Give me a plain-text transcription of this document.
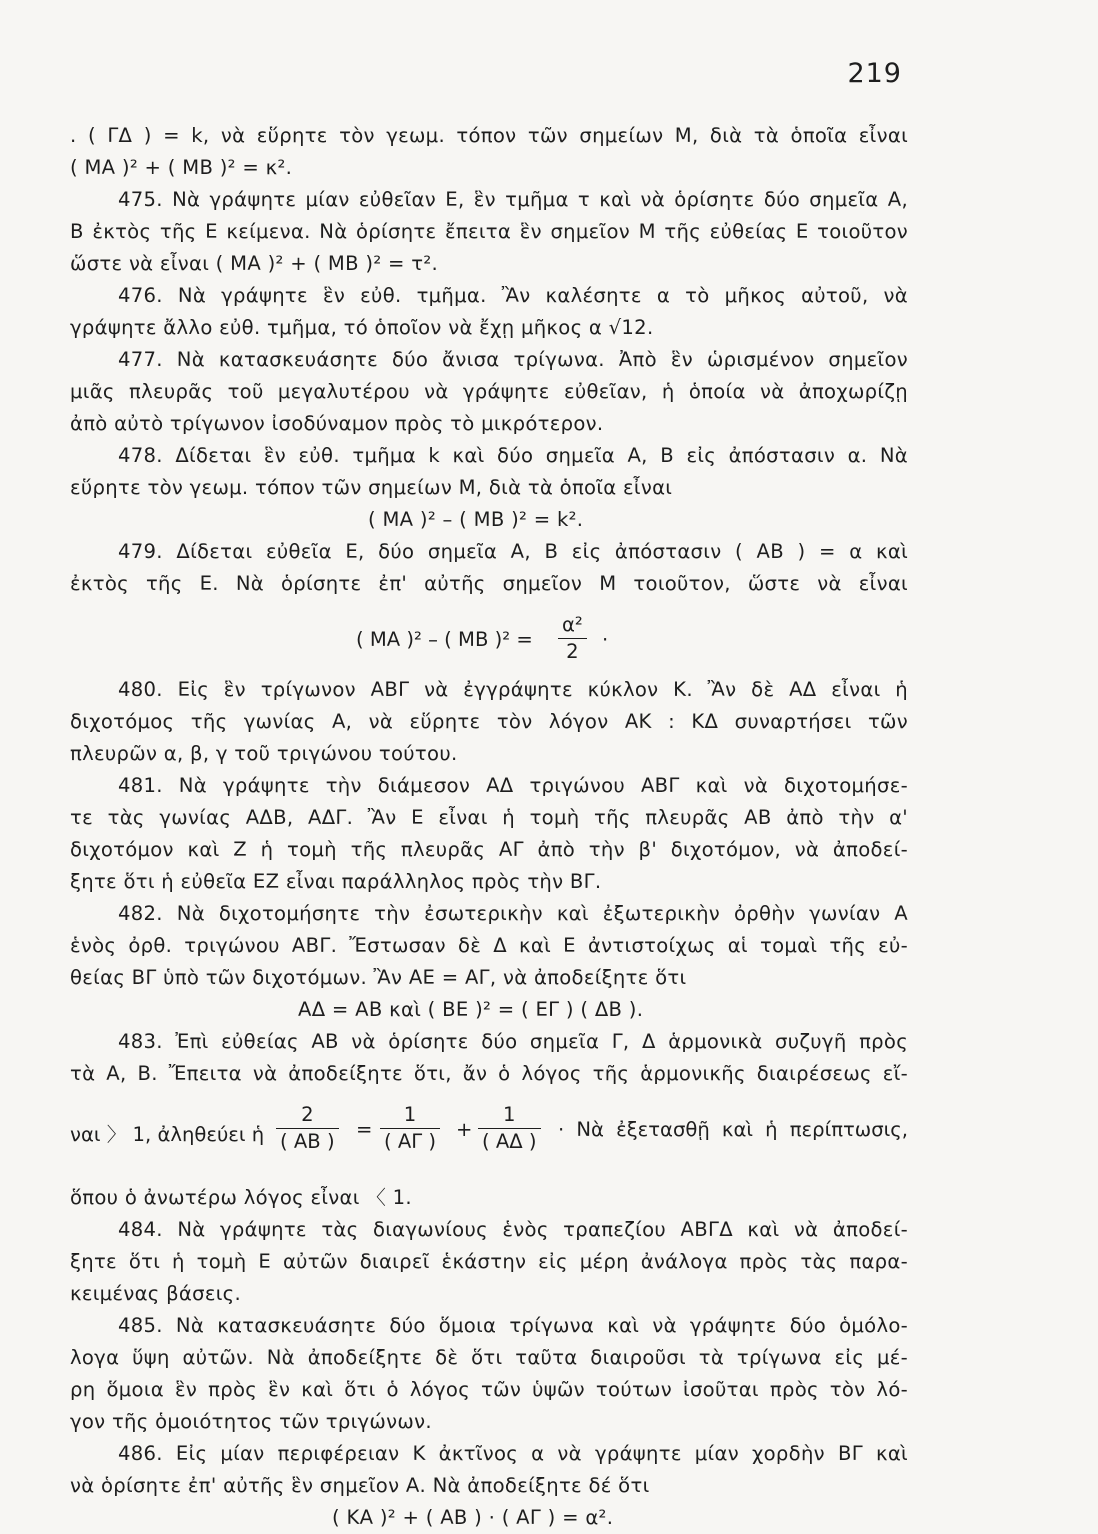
219
. ( ΓΔ ) = k, νὰ εὕρητε τὸν γεωμ. τόπον τῶν σημείων Μ, διὰ τὰ ὁποῖα εἶναι
( ΜΑ )² + ( ΜΒ )² = κ².
475. Νὰ γράψητε μίαν εὐθεῖαν Ε, ἓν τμῆμα τ καὶ νὰ ὁρίσητε δύο σημεῖα Α,
Β ἐκτὸς τῆς Ε κείμενα. Νὰ ὁρίσητε ἔπειτα ἓν σημεῖον Μ τῆς εὐθείας Ε τοιοῦτον
ὥστε νὰ εἶναι ( ΜΑ )² + ( ΜΒ )² = τ².
476. Νὰ γράψητε ἓν εὐθ. τμῆμα. Ἂν καλέσητε α τὸ μῆκος αὐτοῦ, νὰ
γράψητε ἄλλο εὐθ. τμῆμα, τό ὁποῖον νὰ ἔχῃ μῆκος α √12.
477. Νὰ κατασκευάσητε δύο ἄνισα τρίγωνα. Ἀπὸ ἓν ὡρισμένον σημεῖον
μιᾶς πλευρᾶς τοῦ μεγαλυτέρου νὰ γράψητε εὐθεῖαν, ἡ ὁποία νὰ ἀποχωρίζῃ
ἀπὸ αὐτὸ τρίγωνον ἰσοδύναμον πρὸς τὸ μικρότερον.
478. Δίδεται ἓν εὐθ. τμῆμα k καὶ δύο σημεῖα Α, Β εἰς ἀπόστασιν α. Νὰ
εὕρητε τὸν γεωμ. τόπον τῶν σημείων Μ, διὰ τὰ ὁποῖα εἶναι
( ΜΑ )² – ( ΜΒ )² = k².
479. Δίδεται εὐθεῖα Ε, δύο σημεῖα Α, Β εἰς ἀπόστασιν ( ΑΒ ) = α καὶ
ἐκτὸς τῆς Ε. Νὰ ὁρίσητε ἐπ' αὐτῆς σημεῖον Μ τοιοῦτον, ὥστε νὰ εἶναι
( ΜΑ )² – ( ΜΒ )$^2 = \frac{\text{α²}}{2}$ ·
480. Εἰς ἓν τρίγωνον ΑΒΓ νὰ ἐγγράψητε κύκλον Κ. Ἂν δὲ ΑΔ εἶναι ἡ
διχοτόμος τῆς γωνίας Α, νὰ εὕρητε τὸν λόγον ΑΚ : ΚΔ συναρτήσει τῶν
πλευρῶν α, β, γ τοῦ τριγώνου τούτου.
481. Νὰ γράψητε τὴν διάμεσον ΑΔ τριγώνου ΑΒΓ καὶ νὰ διχοτομήσε-
τε τὰς γωνίας ΑΔΒ, ΑΔΓ. Ἂν Ε εἶναι ἡ τομὴ τῆς πλευρᾶς ΑΒ ἀπὸ τὴν α'
διχοτόμον καὶ Ζ ἡ τομὴ τῆς πλευρᾶς ΑΓ ἀπὸ τὴν β' διχοτόμον, νὰ ἀποδεί-
ξητε ὅτι ἡ εὐθεῖα ΕΖ εἶναι παράλληλος πρὸς τὴν ΒΓ.
482. Νὰ διχοτομήσητε τὴν ἐσωτερικὴν καὶ ἐξωτερικὴν ὀρθὴν γωνίαν Α
ἑνὸς ὀρθ. τριγώνου ΑΒΓ. Ἔστωσαν δὲ Δ καὶ Ε ἀντιστοίχως αἱ τομαὶ τῆς εὐ-
θείας ΒΓ ὑπὸ τῶν διχοτόμων. Ἂν ΑΕ = ΑΓ, νὰ ἀποδείξητε ὅτι
ΑΔ = ΑΒ καὶ ( ΒΕ )² = ( ΕΓ ) ( ΔΒ ).
483. Ἐπὶ εὐθείας ΑΒ νὰ ὁρίσητε δύο σημεῖα Γ, Δ ἁρμονικὰ συζυγῆ πρὸς
τὰ Α, Β. Ἔπειτα νὰ ἀποδείξητε ὅτι, ἄν ὁ λόγος τῆς ἁρμονικῆς διαιρέσεως εἴ-
ναι 〉 1, ἀληθεύει ἡ $\frac{2}{( AB )} = \frac{1}{( A\Gamma )} + \frac{1}{( A\Delta )}$ · Νὰ ἐξετασθῇ καὶ ἡ περίπτωσις,
ὅπου ὁ ἀνωτέρω λόγος εἶναι 〈 1.
484. Νὰ γράψητε τὰς διαγωνίους ἑνὸς τραπεζίου ΑΒΓΔ καὶ νὰ ἀποδεί-
ξητε ὅτι ἡ τομὴ Ε αὐτῶν διαιρεῖ ἑκάστην εἰς μέρη ἀνάλογα πρὸς τὰς παρα-
κειμένας βάσεις.
485. Νὰ κατασκευάσητε δύο ὅμοια τρίγωνα καὶ νὰ γράψητε δύο ὁμόλο-
λογα ὕψη αὐτῶν. Νὰ ἀποδείξητε δὲ ὅτι ταῦτα διαιροῦσι τὰ τρίγωνα εἰς μέ-
ρη ὅμοια ἓν πρὸς ἓν καὶ ὅτι ὁ λόγος τῶν ὑψῶν τούτων ἰσοῦται πρὸς τὸν λό-
γον τῆς ὁμοιότητος τῶν τριγώνων.
486. Εἰς μίαν περιφέρειαν Κ ἀκτῖνος α νὰ γράψητε μίαν χορδὴν ΒΓ καὶ
νὰ ὁρίσητε ἐπ' αὐτῆς ἓν σημεῖον Α. Νὰ ἀποδείξητε δέ ὅτι
( ΚΑ )² + ( ΑΒ ) · ( ΑΓ ) = α².
